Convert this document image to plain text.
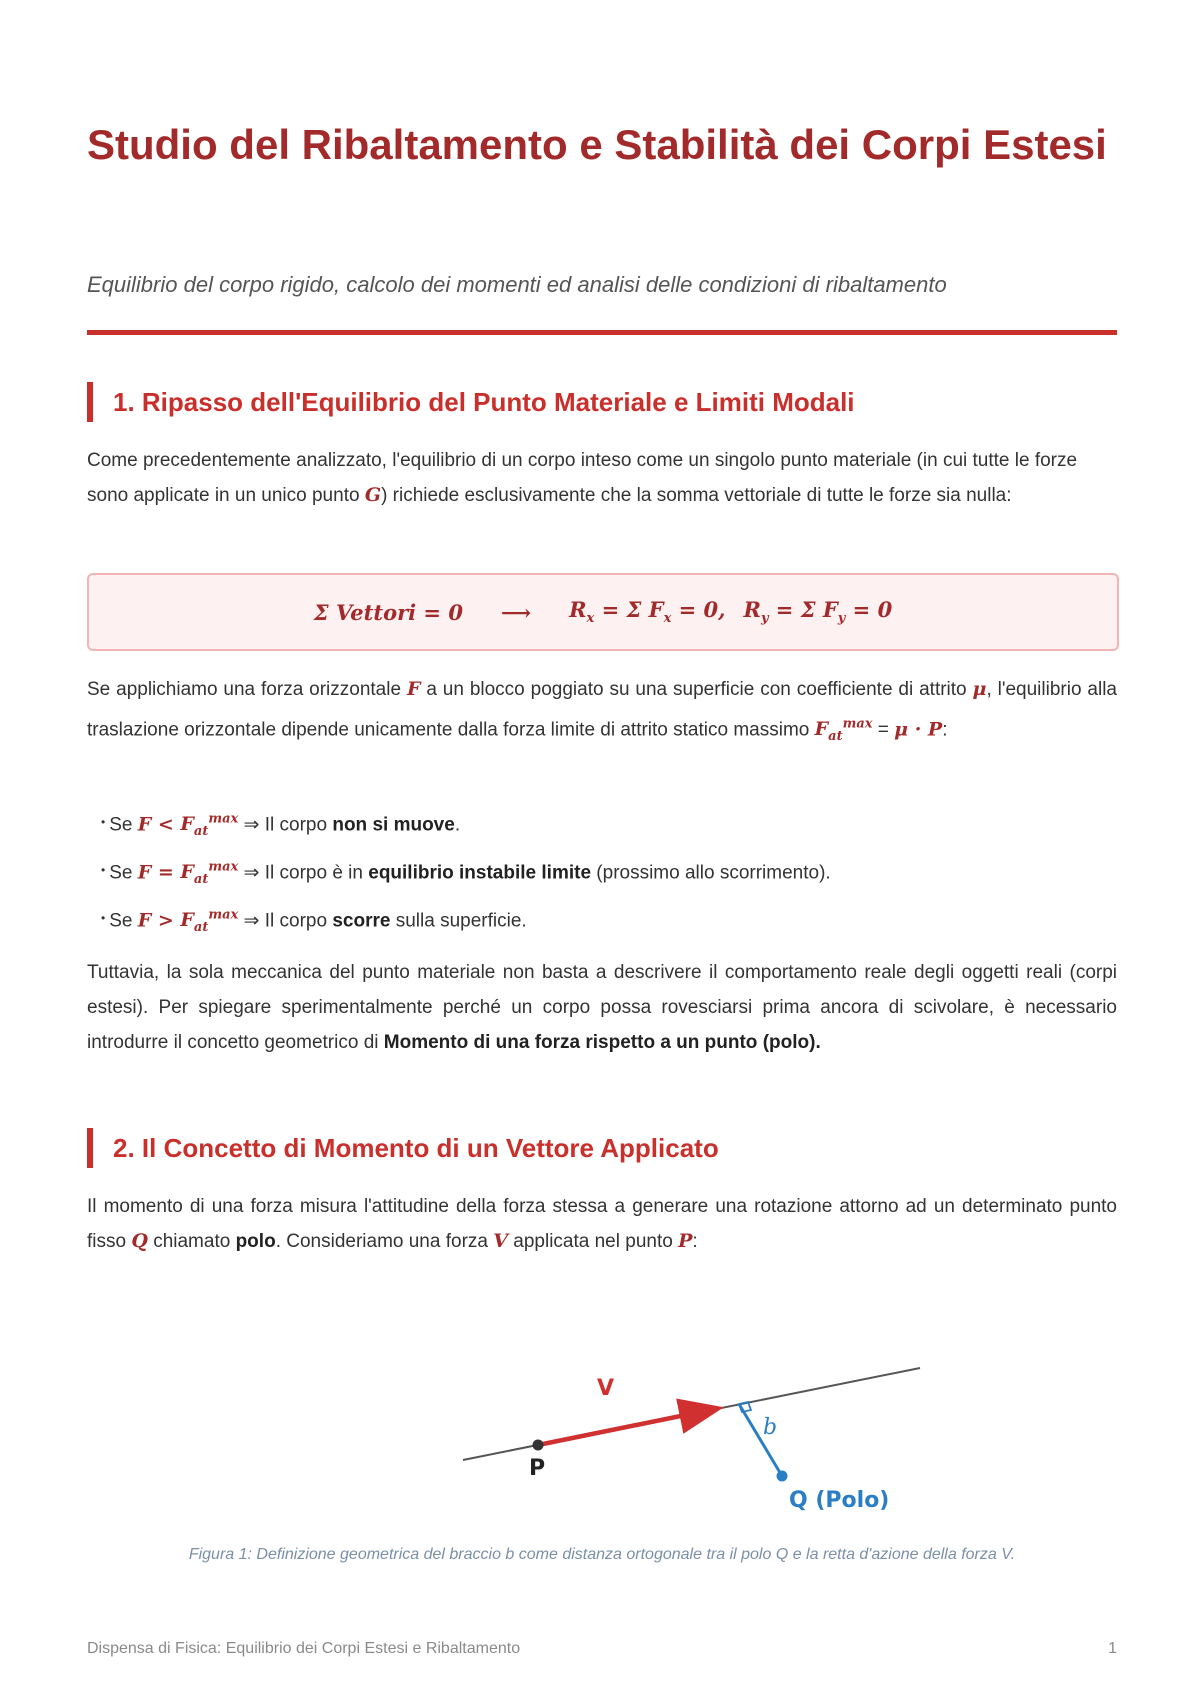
Studio del Ribaltamento e Stabilità dei Corpi Estesi
Equilibrio del corpo rigido, calcolo dei momenti ed analisi delle condizioni di ribaltamento
1. Ripasso dell'Equilibrio del Punto Materiale e Limiti Modali
Come precedentemente analizzato, l'equilibrio di un corpo inteso come un singolo punto materiale (in cui tutte le forze sono applicate in un unico punto G) richiede esclusivamente che la somma vettoriale di tutte le forze sia nulla:
Σ Vettori = 0 ⟶ $R_x = \Sigma$ $F_x = 0$, $R_y = \Sigma$ $F_y = 0$
Se applichiamo una forza orizzontale F a un blocco poggiato su una superficie con coefficiente di attrito μ, l'equilibrio alla traslazione orizzontale dipende unicamente dalla forza limite di attrito statico massimo $F_{at}^{max} = \mu \cdot P$:
• Se $F < F_{at}^{max}$ ⇒ Il corpo non si muove.
• Se $F = F_{at}^{max}$ ⇒ Il corpo è in equilibrio instabile limite (prossimo allo scorrimento).
• Se $F > F_{at}^{max}$ ⇒ Il corpo scorre sulla superficie.
Tuttavia, la sola meccanica del punto materiale non basta a descrivere il comportamento reale degli oggetti reali (corpi estesi). Per spiegare sperimentalmente perché un corpo possa rovesciarsi prima ancora di scivolare, è necessario introdurre il concetto geometrico di Momento di una forza rispetto a un punto (polo).
2. Il Concetto di Momento di un Vettore Applicato
Il momento di una forza misura l'attitudine della forza stessa a generare una rotazione attorno ad un determinato punto fisso Q chiamato polo. Consideriamo una forza V applicata nel punto P:
V
P
b
Q (Polo)
Figura 1: Definizione geometrica del braccio b come distanza ortogonale tra il polo Q e la retta d'azione della forza V.
Dispensa di Fisica: Equilibrio dei Corpi Estesi e Ribaltamento	1
